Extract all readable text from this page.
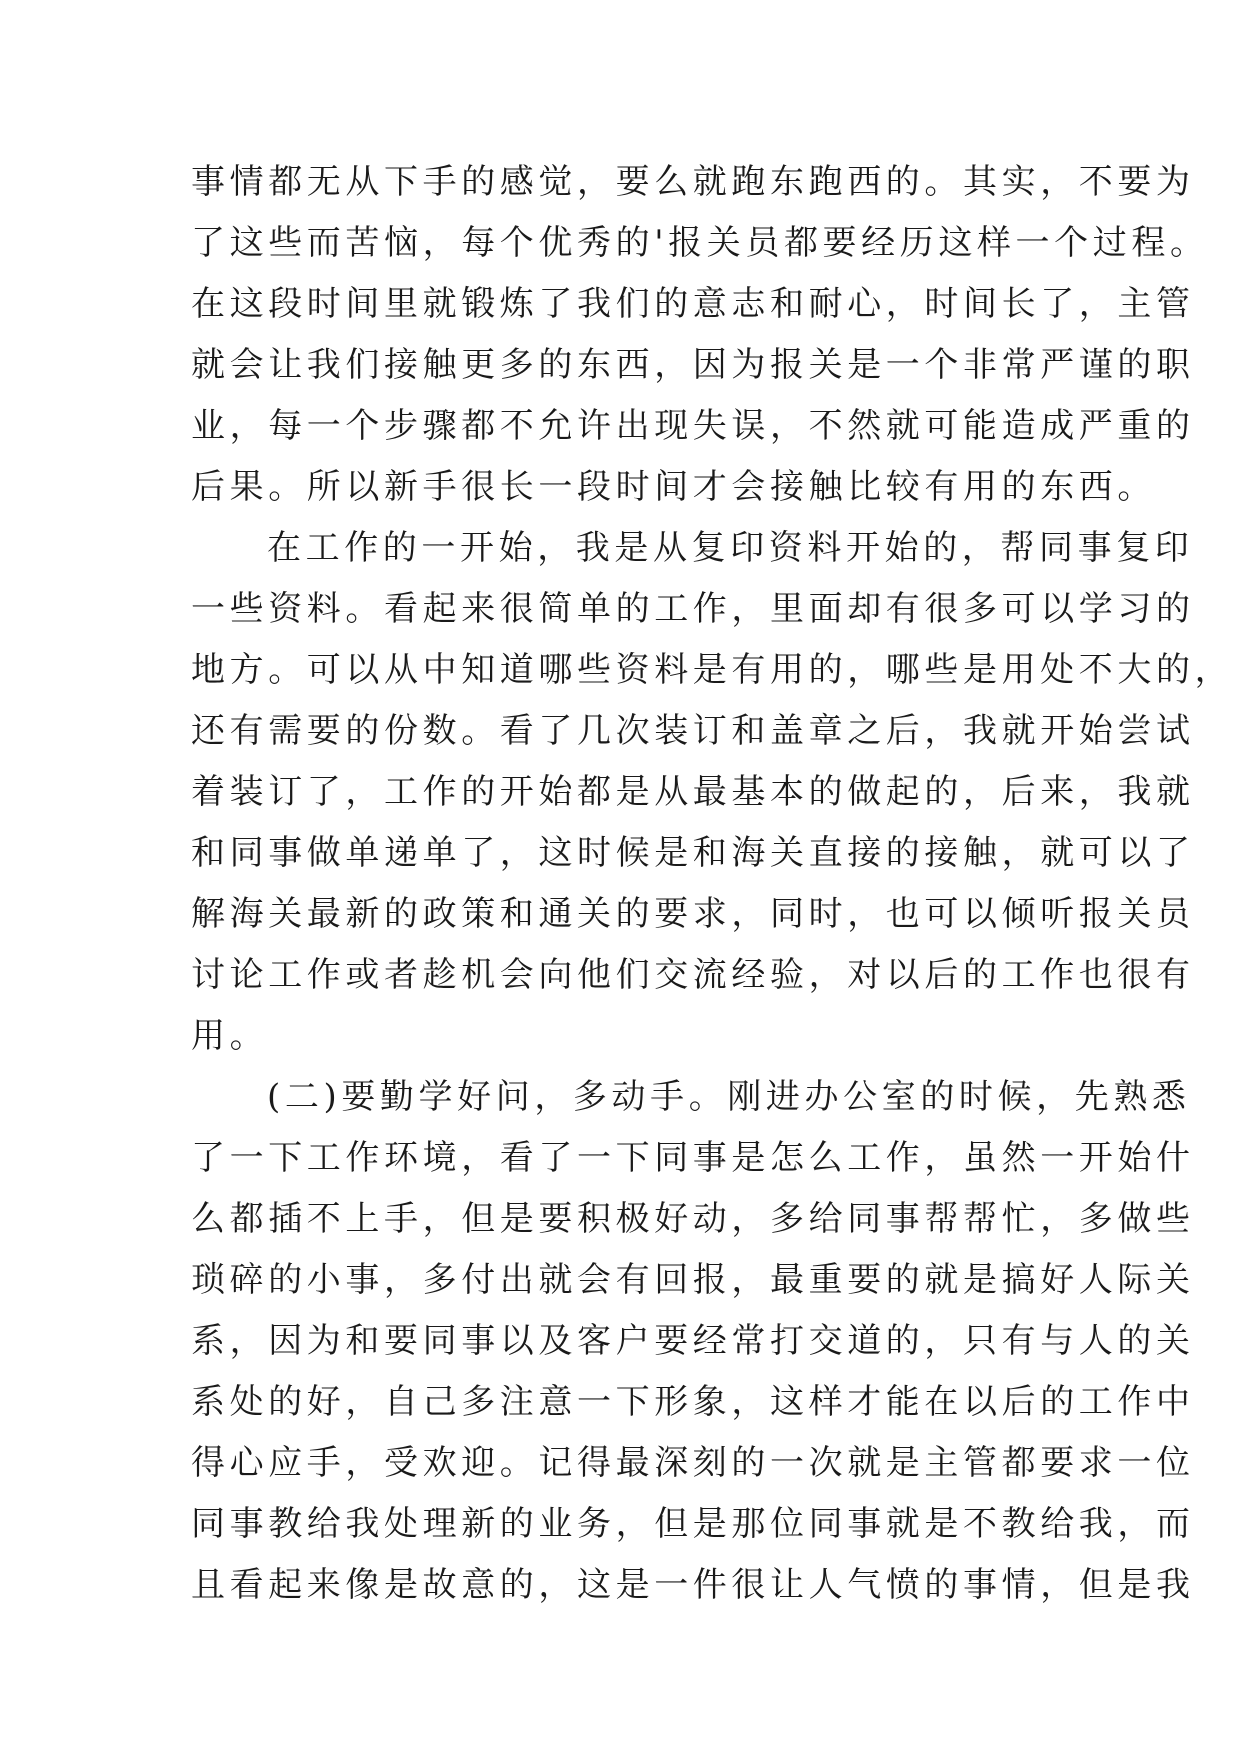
事情都无从下手的感觉，要么就跑东跑西的。其实，不要为
了这些而苦恼，每个优秀的'报关员都要经历这样一个过程。
在这段时间里就锻炼了我们的意志和耐心，时间长了，主管
就会让我们接触更多的东西，因为报关是一个非常严谨的职
业，每一个步骤都不允许出现失误，不然就可能造成严重的
后果。所以新手很长一段时间才会接触比较有用的东西。
在工作的一开始，我是从复印资料开始的，帮同事复印
一些资料。看起来很简单的工作，里面却有很多可以学习的
地方。可以从中知道哪些资料是有用的，哪些是用处不大的，
还有需要的份数。看了几次装订和盖章之后，我就开始尝试
着装订了，工作的开始都是从最基本的做起的，后来，我就
和同事做单递单了，这时候是和海关直接的接触，就可以了
解海关最新的政策和通关的要求，同时，也可以倾听报关员
讨论工作或者趁机会向他们交流经验，对以后的工作也很有
用。
(二)要勤学好问，多动手。刚进办公室的时候，先熟悉
了一下工作环境，看了一下同事是怎么工作，虽然一开始什
么都插不上手，但是要积极好动，多给同事帮帮忙，多做些
琐碎的小事，多付出就会有回报，最重要的就是搞好人际关
系，因为和要同事以及客户要经常打交道的，只有与人的关
系处的好，自己多注意一下形象，这样才能在以后的工作中
得心应手，受欢迎。记得最深刻的一次就是主管都要求一位
同事教给我处理新的业务，但是那位同事就是不教给我，而
且看起来像是故意的，这是一件很让人气愤的事情，但是我
